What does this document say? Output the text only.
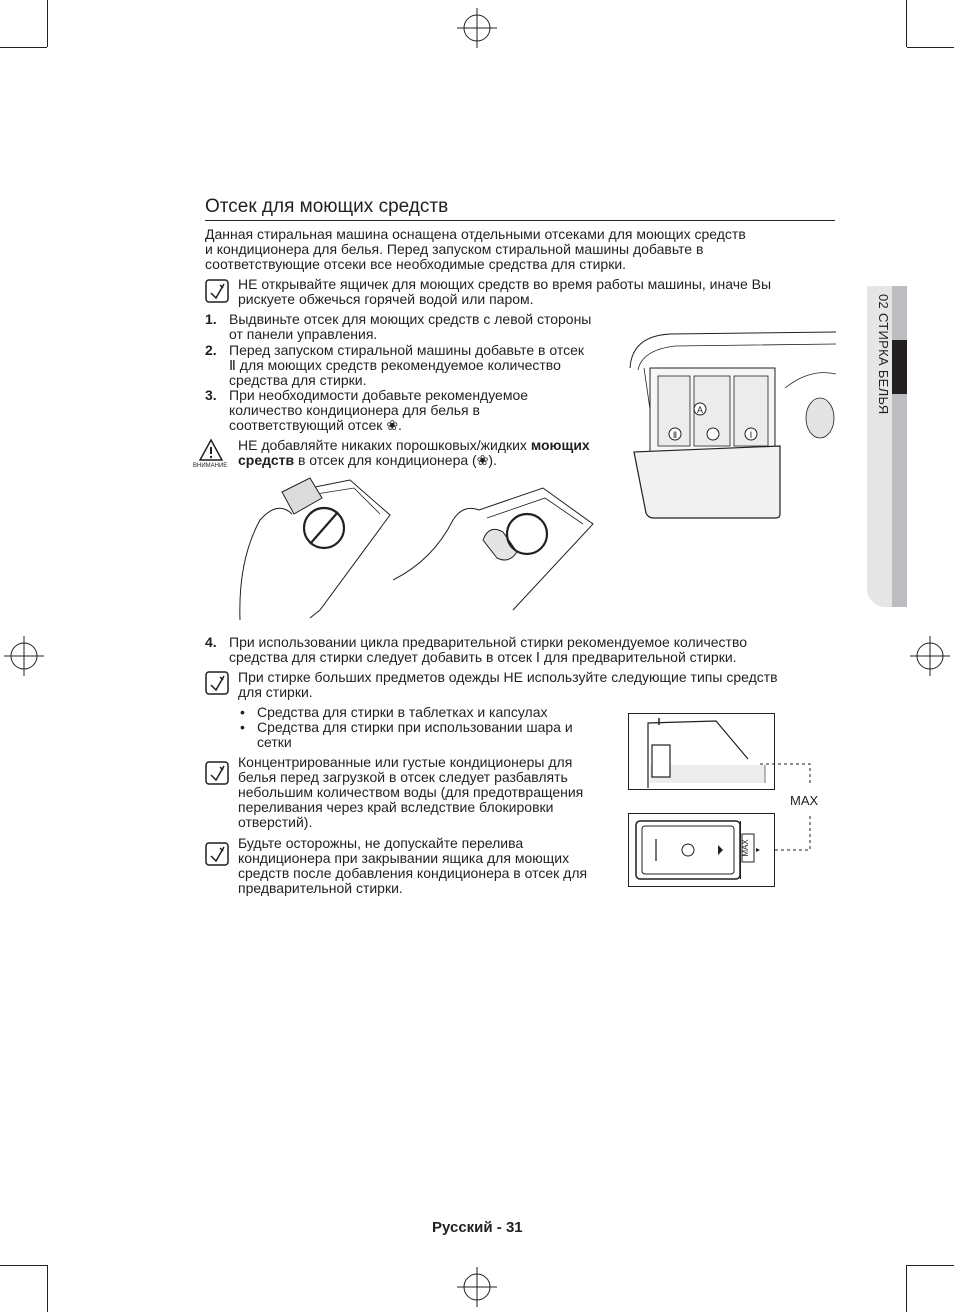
02 СТИРКА БЕЛЬЯ
Отсек для моющих средств
Данная стиральная машина оснащена отдельными отсеками для моющих средств
и кондиционера для белья. Перед запуском стиральной машины добавьте в
соответствующие отсеки все необходимые средства для стирки.
НЕ открывайте ящичек для моющих средств во время работы машины, иначе Вы
рискуете обжечься горячей водой или паром.
1. Выдвиньте отсек для моющих средств с левой стороны
от панели управления.
2. Перед запуском стиральной машины добавьте в отсек
Ⅱ для моющих средств рекомендуемое количество
средства для стирки.
3. При необходимости добавьте рекомендуемое
количество кондиционера для белья в
соответствующий отсек ❀.
ВНИМАНИЕ
НЕ добавляйте никаких порошковых/жидких моющих
средств в отсек для кондиционера (❀).
A
Ⅱ	Ⅰ
4. При использовании цикла предварительной стирки рекомендуемое количество
средства для стирки следует добавить в отсек Ⅰ для предварительной стирки.
При стирке больших предметов одежды НЕ используйте следующие типы средств
для стирки.
• Средства для стирки в таблетках и капсулах
• Средства для стирки при использовании шара и
сетки
Концентрированные или густые кондиционеры для
белья перед загрузкой в отсек следует разбавлять
небольшим количеством воды (для предотвращения
переливания через край вследствие блокировки
отверстий).
Будьте осторожны, не допускайте перелива
кондиционера при закрывании ящика для моющих
средств после добавления кондиционера в отсек для
предварительной стирки.
MAX
MAX
Русский - 31
